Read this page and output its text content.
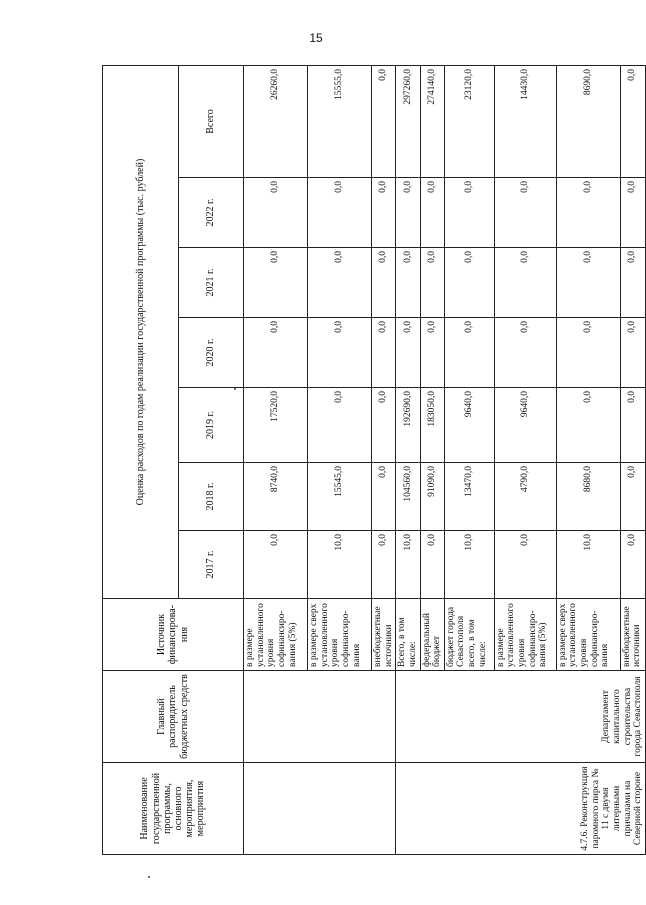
15
Наименование государственной программы, основного мероприятия, мероприятия	Главный распорядитель бюджетных средств	Источник финансирова-ния	Оценка расходов по годам реализации государственной программы (тыс. рублей)						
			2017 г.	2018 г.	2019 г.	2020 г.	2021 г.	2022 г.	Всего
		в размере установленного уровня софинансиро-вания (5%)	0,0	8740,0	17520,0	0,0	0,0	0,0	26260,0
		в размере сверх установленного уровня софинансиро-вания	10,0	15545,0	0,0	0,0	0,0	0,0	15555,0
		внебюджетные источники	0,0	0,0	0,0	0,0	0,0	0,0	0,0
4.7.6. Реконструкция паромного пирса № 11 с двумя литерными причалами на Северной стороне	Департамент капитального строительства города Севастополя	Всего, в том числе:	10,0	104560,0	192690,0	0,0	0,0	0,0	297260,0
		федеральный бюджет	0,0	91090,0	183050,0	0,0	0,0	0,0	274140,0
		бюджет города Севастополя всего, в том числе:	10,0	13470,0	9640,0	0,0	0,0	0,0	23120,0
		в размере установленного уровня софинансиро-вания (5%)	0,0	4790,0	9640,0	0,0	0,0	0,0	14430,0
		в размере сверх установленного уровня софинансиро-вания	10,0	8680,0	0,0	0,0	0,0	0,0	8690,0
		внебюджетные источники	0,0	0,0	0,0	0,0	0,0	0,0	0,0
